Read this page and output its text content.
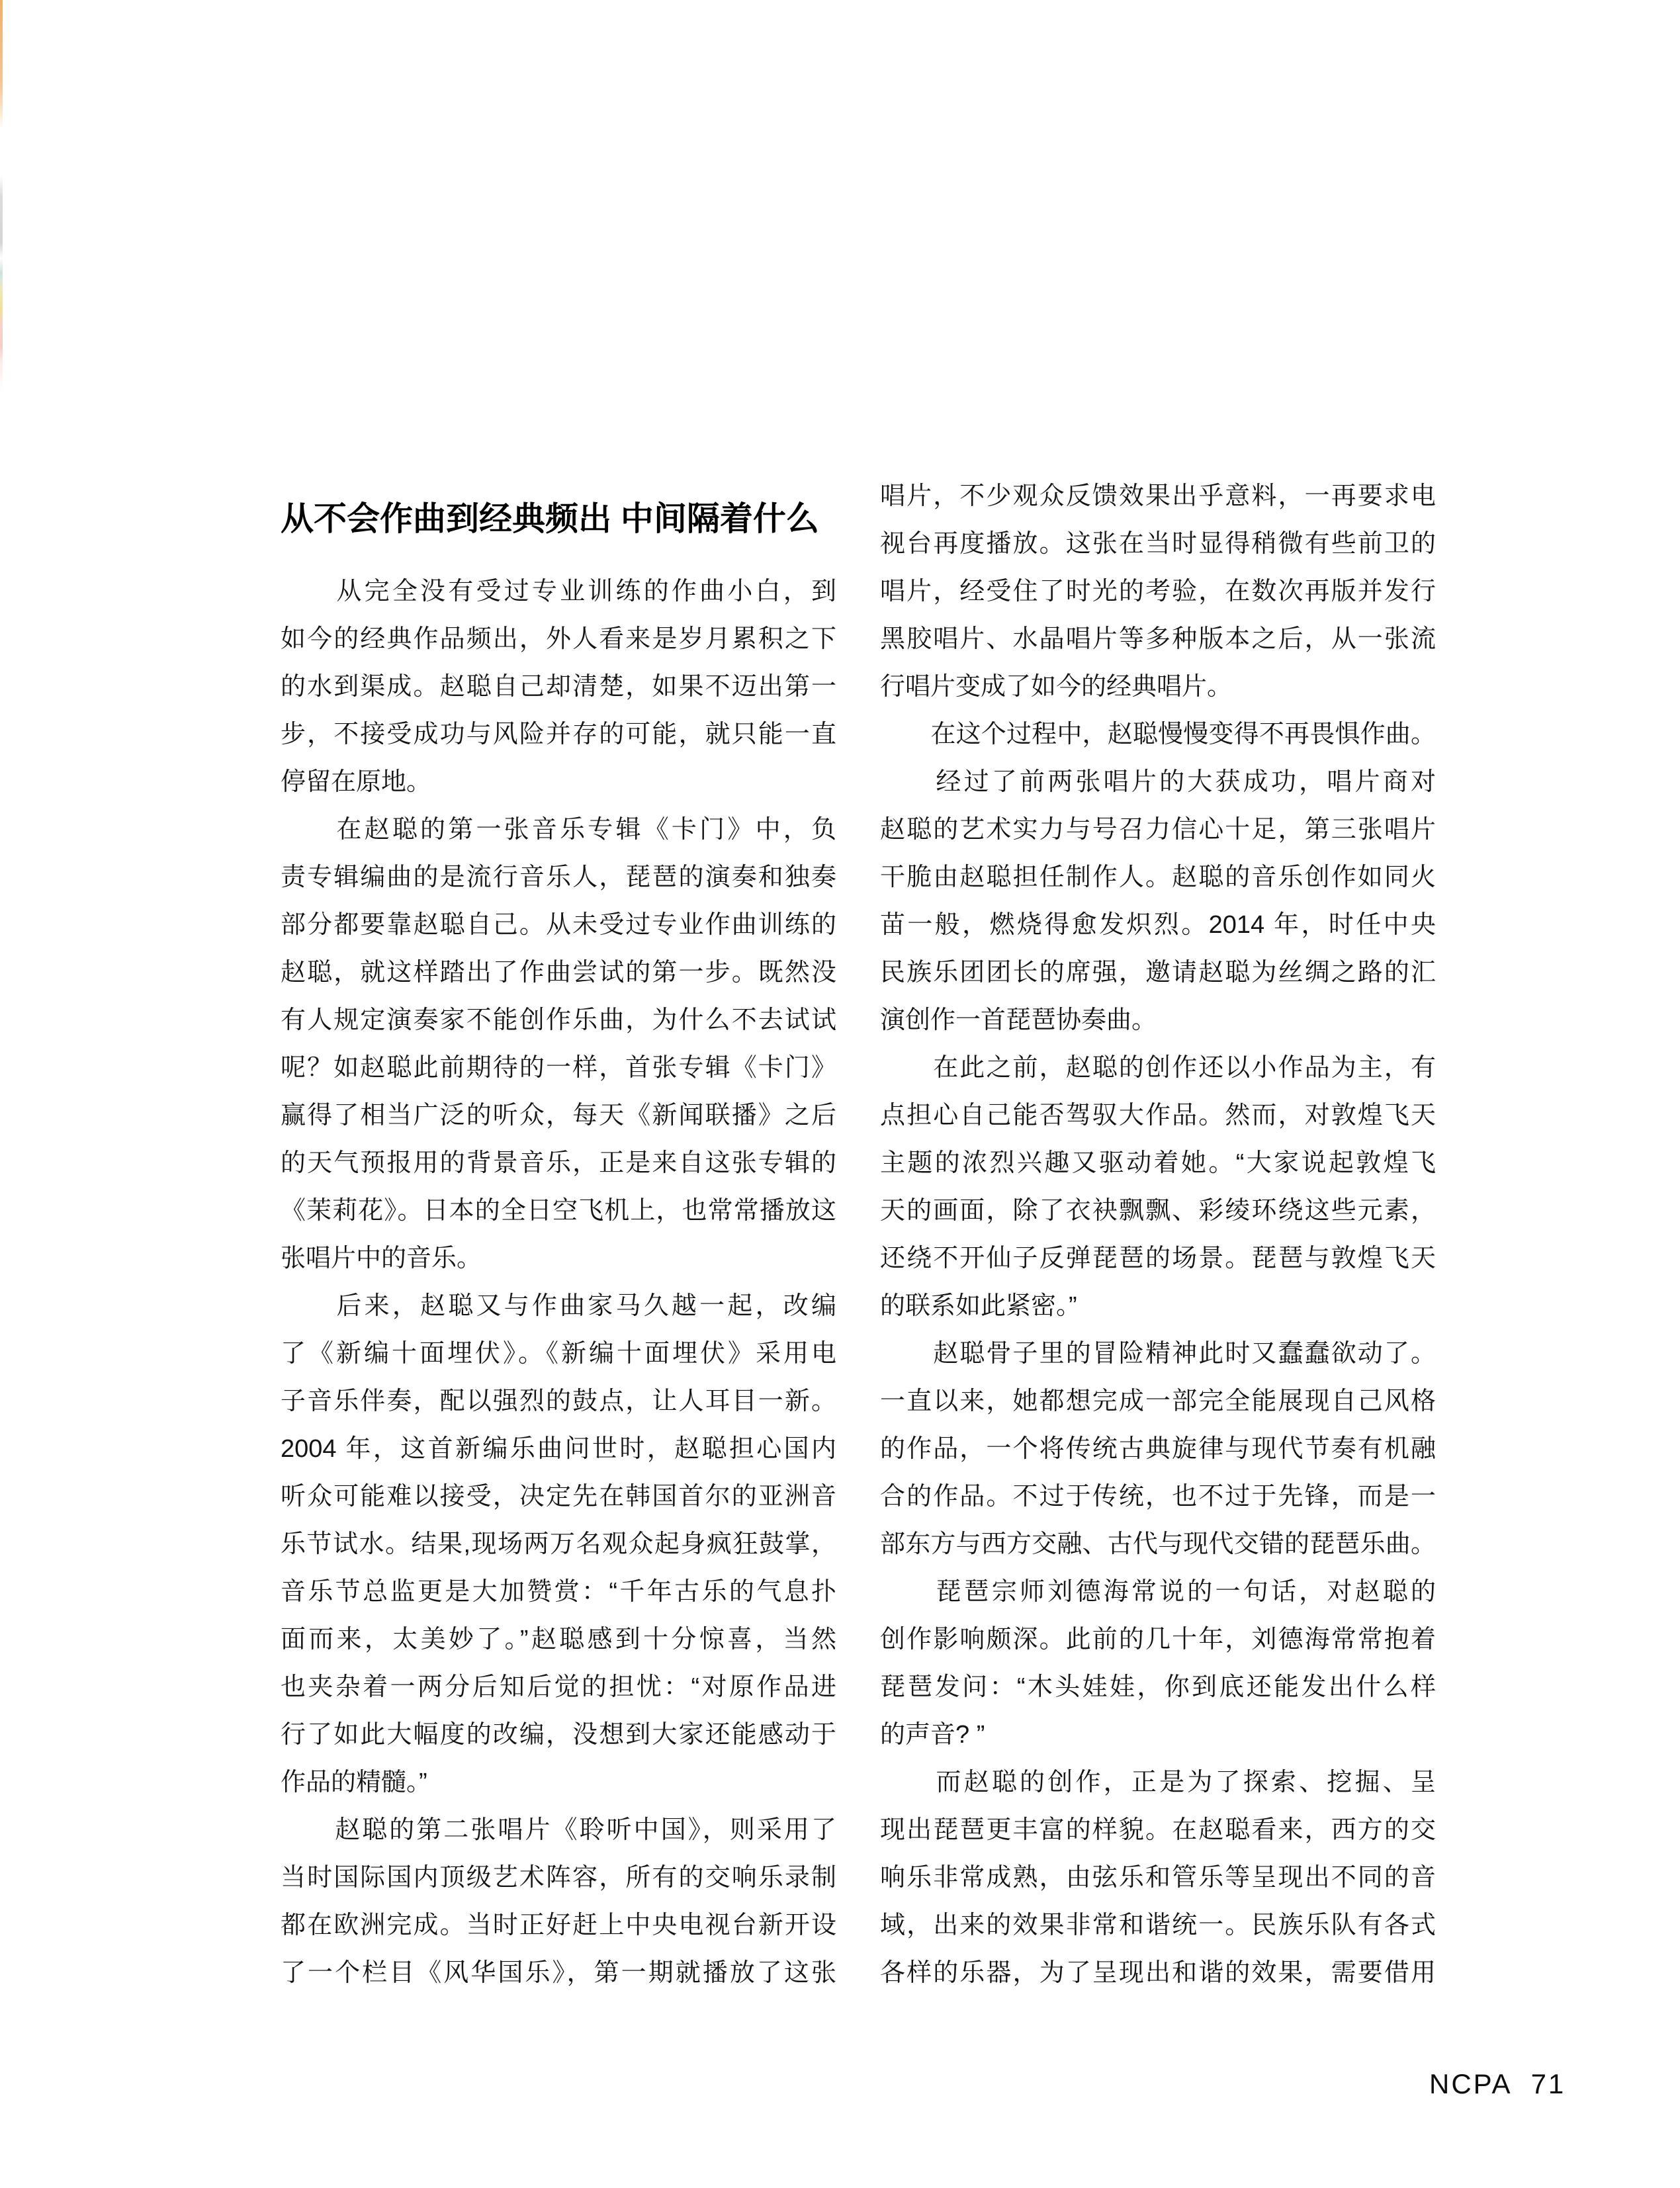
从不会作曲到经典频出 中间隔着什么
　　从完全没有受过专业训练的作曲小白，到
如今的经典作品频出，外人看来是岁月累积之下
的水到渠成。赵聪自己却清楚，如果不迈出第一
步，不接受成功与风险并存的可能，就只能一直
停留在原地。
　　在赵聪的第一张音乐专辑《卡门》中，负
责专辑编曲的是流行音乐人，琵琶的演奏和独奏
部分都要靠赵聪自己。从未受过专业作曲训练的
赵聪，就这样踏出了作曲尝试的第一步。既然没
有人规定演奏家不能创作乐曲，为什么不去试试
呢？如赵聪此前期待的一样，首张专辑《卡门》
赢得了相当广泛的听众，每天《新闻联播》之后
的天气预报用的背景音乐，正是来自这张专辑的
《茉莉花》。日本的全日空飞机上，也常常播放这
张唱片中的音乐。
　　后来，赵聪又与作曲家马久越一起，改编
了《新编十面埋伏》。《新编十面埋伏》采用电
子音乐伴奏，配以强烈的鼓点，让人耳目一新。
2004 年，这首新编乐曲问世时，赵聪担心国内
听众可能难以接受，决定先在韩国首尔的亚洲音
乐节试水。结果,现场两万名观众起身疯狂鼓掌，
音乐节总监更是大加赞赏：“千年古乐的气息扑
面而来，太美妙了。”赵聪感到十分惊喜，当然
也夹杂着一两分后知后觉的担忧：“对原作品进
行了如此大幅度的改编，没想到大家还能感动于
作品的精髓。”
　　赵聪的第二张唱片《聆听中国》，则采用了
当时国际国内顶级艺术阵容，所有的交响乐录制
都在欧洲完成。当时正好赶上中央电视台新开设
了一个栏目《风华国乐》，第一期就播放了这张
唱片，不少观众反馈效果出乎意料，一再要求电
视台再度播放。这张在当时显得稍微有些前卫的
唱片，经受住了时光的考验，在数次再版并发行
黑胶唱片、水晶唱片等多种版本之后，从一张流
行唱片变成了如今的经典唱片。
　　在这个过程中，赵聪慢慢变得不再畏惧作曲。
　　经过了前两张唱片的大获成功，唱片商对
赵聪的艺术实力与号召力信心十足，第三张唱片
干脆由赵聪担任制作人。赵聪的音乐创作如同火
苗一般，燃烧得愈发炽烈。2014 年，时任中央
民族乐团团长的席强，邀请赵聪为丝绸之路的汇
演创作一首琵琶协奏曲。
　　在此之前，赵聪的创作还以小作品为主，有
点担心自己能否驾驭大作品。然而，对敦煌飞天
主题的浓烈兴趣又驱动着她。“大家说起敦煌飞
天的画面，除了衣袂飘飘、彩绫环绕这些元素，
还绕不开仙子反弹琵琶的场景。琵琶与敦煌飞天
的联系如此紧密。”
　　赵聪骨子里的冒险精神此时又蠢蠢欲动了。
一直以来，她都想完成一部完全能展现自己风格
的作品，一个将传统古典旋律与现代节奏有机融
合的作品。不过于传统，也不过于先锋，而是一
部东方与西方交融、古代与现代交错的琵琶乐曲。
　　琵琶宗师刘德海常说的一句话，对赵聪的
创作影响颇深。此前的几十年，刘德海常常抱着
琵琶发问：“木头娃娃，你到底还能发出什么样
的声音? ”
　　而赵聪的创作，正是为了探索、挖掘、呈
现出琵琶更丰富的样貌。在赵聪看来，西方的交
响乐非常成熟，由弦乐和管乐等呈现出不同的音
域，出来的效果非常和谐统一。民族乐队有各式
各样的乐器，为了呈现出和谐的效果，需要借用
NCPA 71
